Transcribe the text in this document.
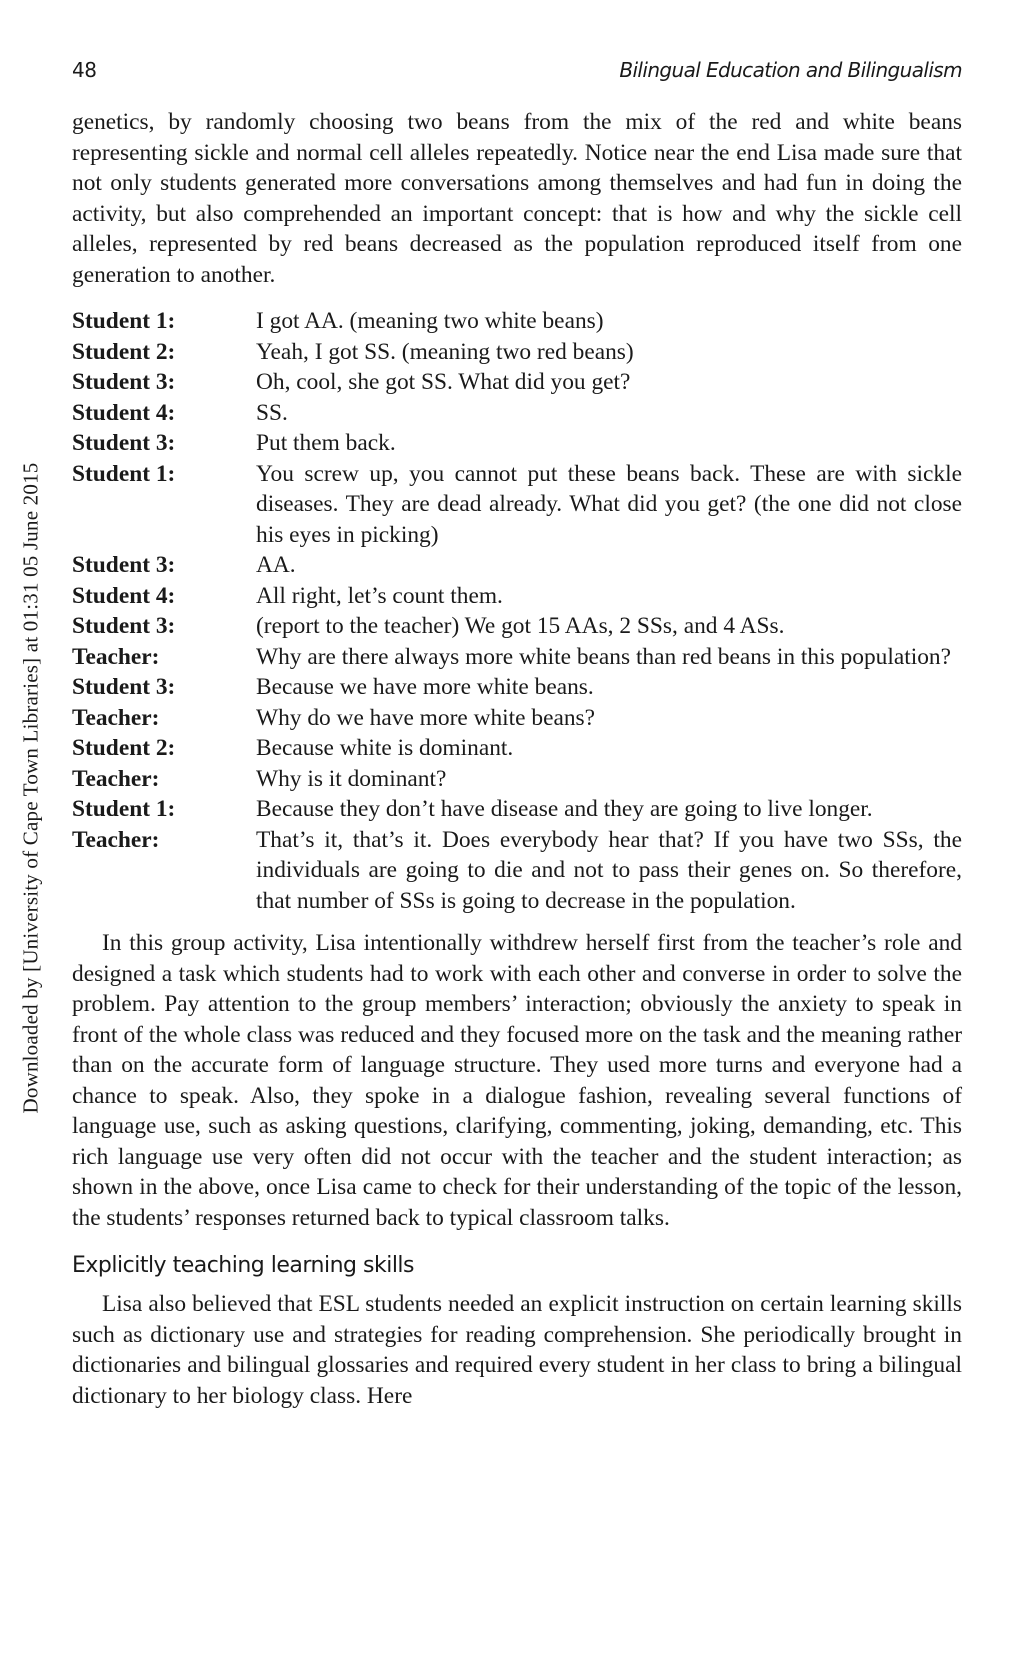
48	Bilingual Education and Bilingualism
Downloaded by [University of Cape Town Libraries] at 01:31 05 June 2015

genetics, by randomly choosing two beans from the mix of the red and white beans representing sickle and normal cell alleles repeatedly. Notice near the end Lisa made sure that not only students generated more conversations among themselves and had fun in doing the activity, but also comprehended an important concept: that is how and why the sickle cell alleles, represented by red beans decreased as the population reproduced itself from one generation to another.

Student 1:	I got AA. (meaning two white beans)
Student 2:	Yeah, I got SS. (meaning two red beans)
Student 3:	Oh, cool, she got SS. What did you get?
Student 4:	SS.
Student 3:	Put them back.
Student 1:	You screw up, you cannot put these beans back. These are with sickle diseases. They are dead already. What did you get? (the one did not close his eyes in picking)
Student 3:	AA.
Student 4:	All right, let’s count them.
Student 3:	(report to the teacher) We got 15 AAs, 2 SSs, and 4 ASs.
Teacher:	Why are there always more white beans than red beans in this population?
Student 3:	Because we have more white beans.
Teacher:	Why do we have more white beans?
Student 2:	Because white is dominant.
Teacher:	Why is it dominant?
Student 1:	Because they don’t have disease and they are going to live longer.
Teacher:	That’s it, that’s it. Does everybody hear that? If you have two SSs, the individuals are going to die and not to pass their genes on. So therefore, that number of SSs is going to decrease in the population.

In this group activity, Lisa intentionally withdrew herself first from the teacher’s role and designed a task which students had to work with each other and converse in order to solve the problem. Pay attention to the group members’ interaction; obviously the anxiety to speak in front of the whole class was reduced and they focused more on the task and the meaning rather than on the accurate form of language structure. They used more turns and everyone had a chance to speak. Also, they spoke in a dialogue fashion, revealing several functions of language use, such as asking questions, clarifying, commenting, joking, demanding, etc. This rich language use very often did not occur with the teacher and the student interaction; as shown in the above, once Lisa came to check for their understanding of the topic of the lesson, the students’ responses returned back to typical classroom talks.

Explicitly teaching learning skills

Lisa also believed that ESL students needed an explicit instruction on certain learning skills such as dictionary use and strategies for reading comprehension. She periodically brought in dictionaries and bilingual glossaries and required every student in her class to bring a bilingual dictionary to her biology class. Here
